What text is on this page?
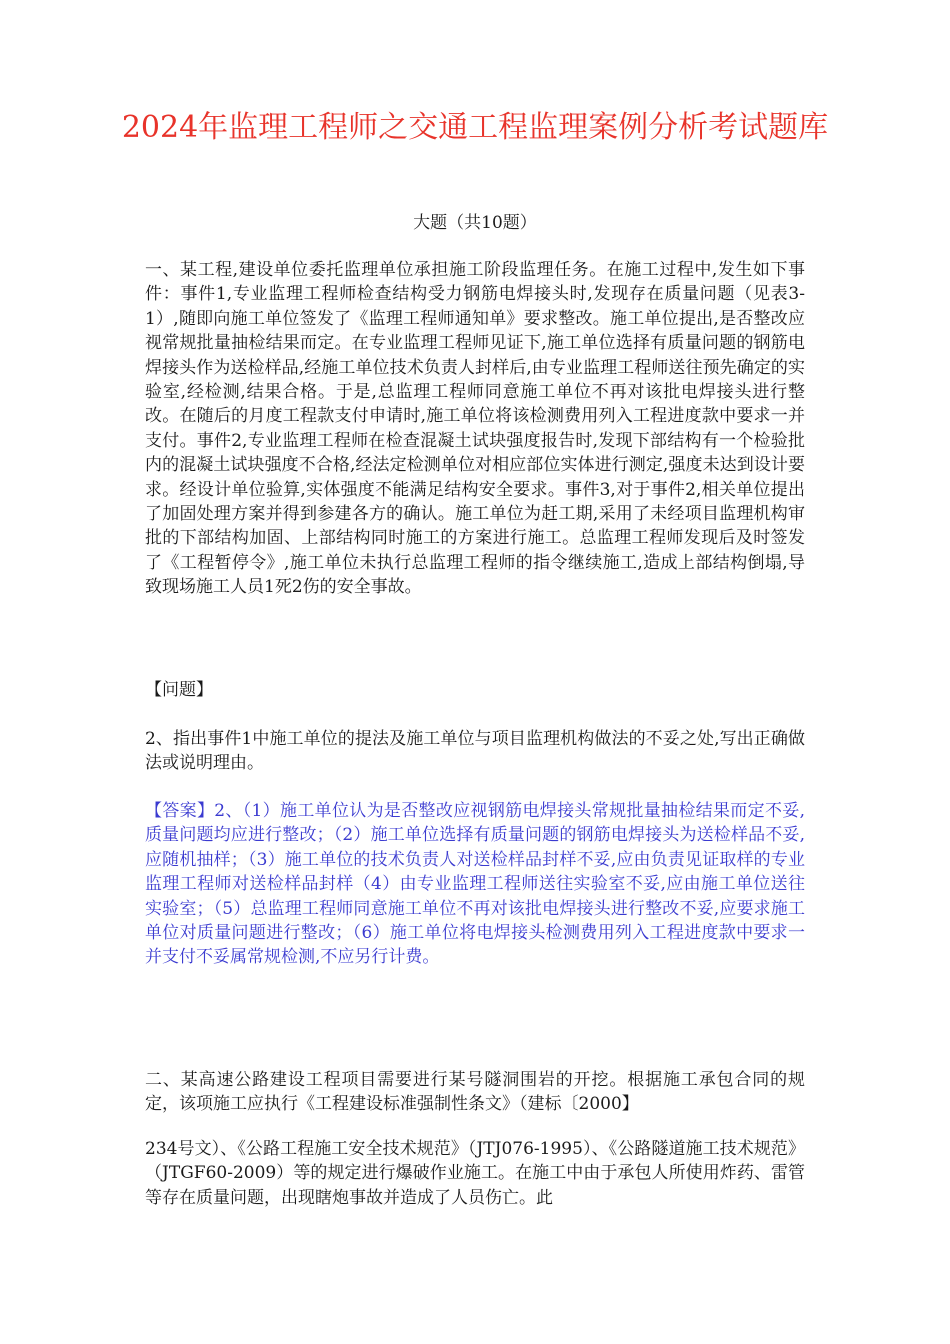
2024年监理工程师之交通工程监理案例分析考试题库
大题（共10题）

一、某工程,建设单位委托监理单位承担施工阶段监理任务。在施工过程中,发生如下事件：事件1,专业监理工程师检查结构受力钢筋电焊接头时,发现存在质量问题（见表3-1）,随即向施工单位签发了《监理工程师通知单》要求整改。施工单位提出,是否整改应视常规批量抽检结果而定。在专业监理工程师见证下,施工单位选择有质量问题的钢筋电焊接头作为送检样品,经施工单位技术负责人封样后,由专业监理工程师送往预先确定的实验室,经检测,结果合格。于是,总监理工程师同意施工单位不再对该批电焊接头进行整改。在随后的月度工程款支付申请时,施工单位将该检测费用列入工程进度款中要求一并支付。事件2,专业监理工程师在检查混凝土试块强度报告时,发现下部结构有一个检验批内的混凝土试块强度不合格,经法定检测单位对相应部位实体进行测定,强度未达到设计要求。经设计单位验算,实体强度不能满足结构安全要求。事件3,对于事件2,相关单位提出了加固处理方案并得到参建各方的确认。施工单位为赶工期,采用了未经项目监理机构审批的下部结构加固、上部结构同时施工的方案进行施工。总监理工程师发现后及时签发了《工程暂停令》,施工单位未执行总监理工程师的指令继续施工,造成上部结构倒塌,导致现场施工人员1死2伤的安全事故。

【问题】

2、指出事件1中施工单位的提法及施工单位与项目监理机构做法的不妥之处,写出正确做法或说明理由。

【答案】2、（1）施工单位认为是否整改应视钢筋电焊接头常规批量抽检结果而定不妥,质量问题均应进行整改；（2）施工单位选择有质量问题的钢筋电焊接头为送检样品不妥,应随机抽样；（3）施工单位的技术负责人对送检样品封样不妥,应由负责见证取样的专业监理工程师对送检样品封样（4）由专业监理工程师送往实验室不妥,应由施工单位送往实验室；（5）总监理工程师同意施工单位不再对该批电焊接头进行整改不妥,应要求施工单位对质量问题进行整改；（6）施工单位将电焊接头检测费用列入工程进度款中要求一并支付不妥属常规检测,不应另行计费。

二、某高速公路建设工程项目需要进行某号隧洞围岩的开挖。根据施工承包合同的规定，该项施工应执行《工程建设标准强制性条文》（建标〔2000】

234号文）、《公路工程施工安全技术规范》（JTJ076-1995）、《公路隧道施工技术规范》（JTGF60-2009）等的规定进行爆破作业施工。在施工中由于承包人所使用炸药、雷管等存在质量问题，出现瞎炮事故并造成了人员伤亡。此
